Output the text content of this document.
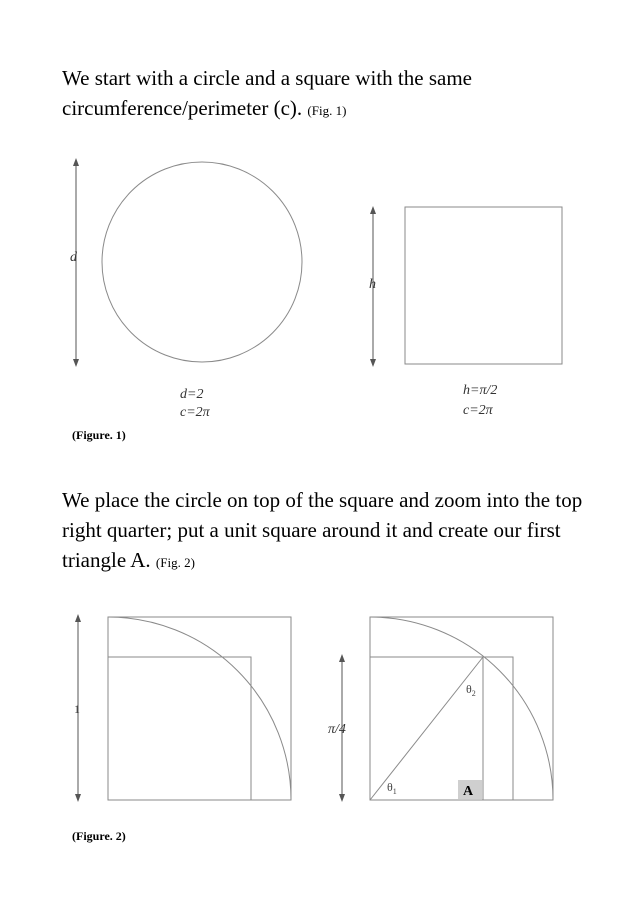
We start with a circle and a square with the same circumference/perimeter (c). (Fig. 1)
d
h
d=2
c=2π
h=π/2
c=2π
(Figure. 1)
We place the circle on top of the square and zoom into the top right quarter; put a unit square around it and create our first triangle A. (Fig. 2)
1
π/4
$\theta_1$
$\theta_2$
A
(Figure. 2)
